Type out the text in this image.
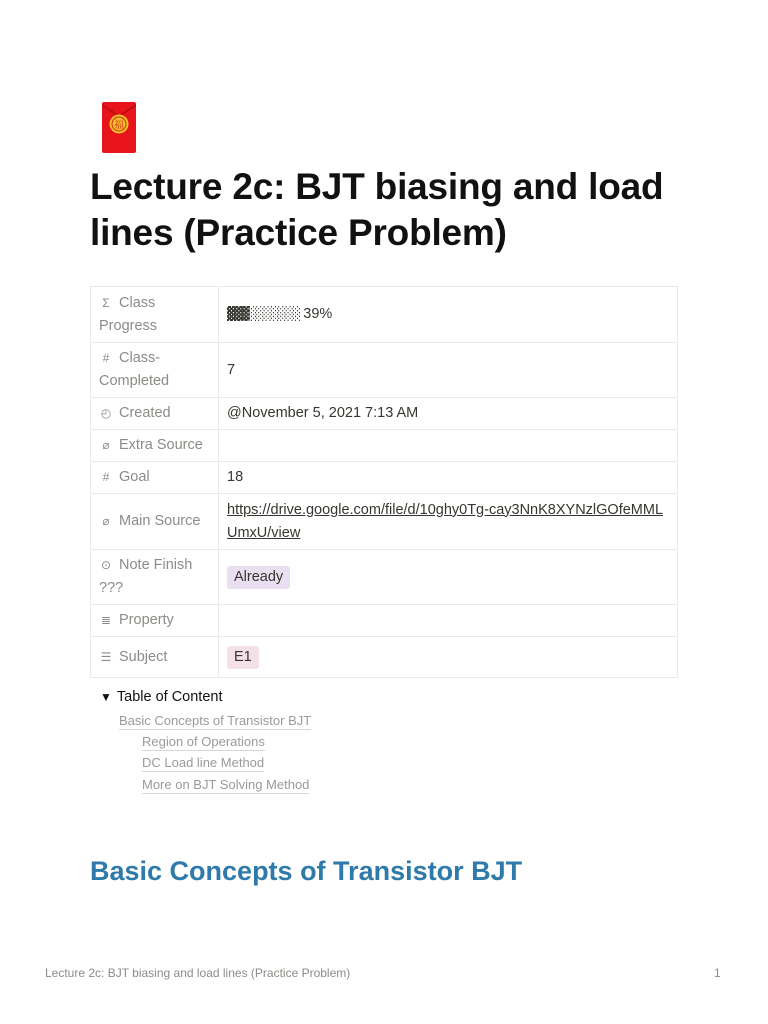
福
Lecture 2c: BJT biasing and load lines (Practice Problem)
Σ Class Progress	▓▓▓░░░░░░░ 39%
# Class-Completed	7
◴ Created	@November 5, 2021 7:13 AM
⌀ Extra Source	
# Goal	18
⌀ Main Source	https://drive.google.com/file/d/10ghy0Tg-cay3NnK8XYNzlGOfeMMLUmxU/view
⊙ Note Finish ???	Already
≣ Property	
☰ Subject	E1
▼ Table of Content
Basic Concepts of Transistor BJT
Region of Operations
DC Load line Method
More on BJT Solving Method
Basic Concepts of Transistor BJT
Lecture 2c: BJT biasing and load lines (Practice Problem)	1
